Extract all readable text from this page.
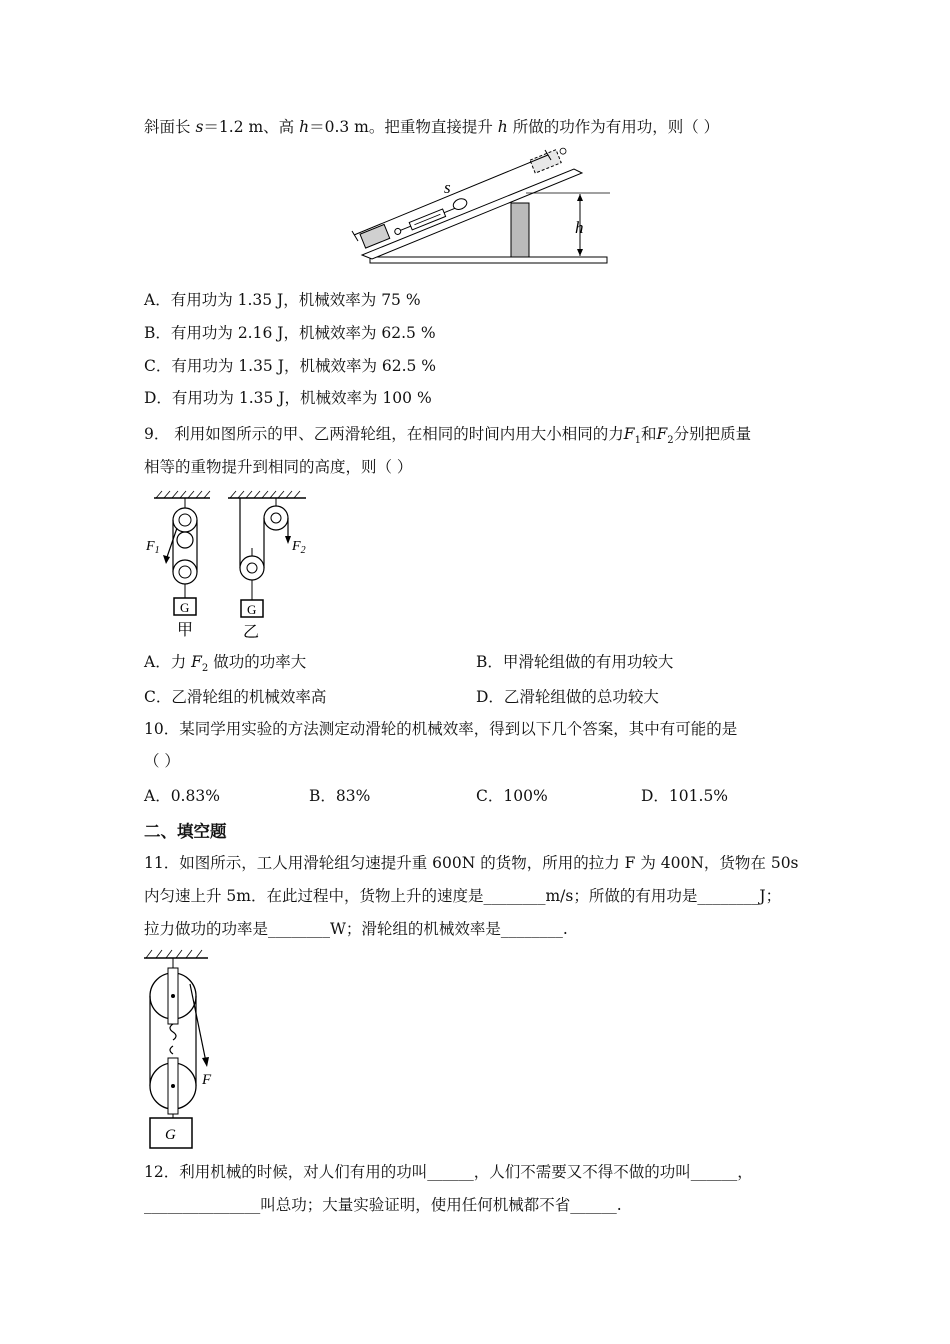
斜面长 s＝1.2 m、高 h＝0.3 m。把重物直接提升 h 所做的功作为有用功，则（ ）
s
h
A．有用功为 1.35 J，机械效率为 75 %
B．有用功为 2.16 J，机械效率为 62.5 %
C．有用功为 1.35 J，机械效率为 62.5 %
D．有用功为 1.35 J，机械效率为 100 %
9． 利用如图所示的甲、乙两滑轮组，在相同的时间内用大小相同的力$F_1$和$F_2$分别把质量
相等的重物提升到相同的高度，则（ ）
G
$F_1$
甲
$F_2$
G
乙
A．力 $F_2$ 做功的功率大	B．甲滑轮组做的有用功较大
C．乙滑轮组的机械效率高	D．乙滑轮组做的总功较大
10．某同学用实验的方法测定动滑轮的机械效率，得到以下几个答案，其中有可能的是
（ ）
A．0.83%	B．83%	C．100%	D．101.5%
二、填空题
11．如图所示，工人用滑轮组匀速提升重 600N 的货物，所用的拉力 F 为 400N，货物在 50s
内匀速上升 5m．在此过程中，货物上升的速度是________m/s；所做的有用功是________J；
拉力做功的功率是________W；滑轮组的机械效率是________.
F
G
12．利用机械的时候，对人们有用的功叫______，人们不需要又不得不做的功叫______，
_______________叫总功；大量实验证明，使用任何机械都不省______.
